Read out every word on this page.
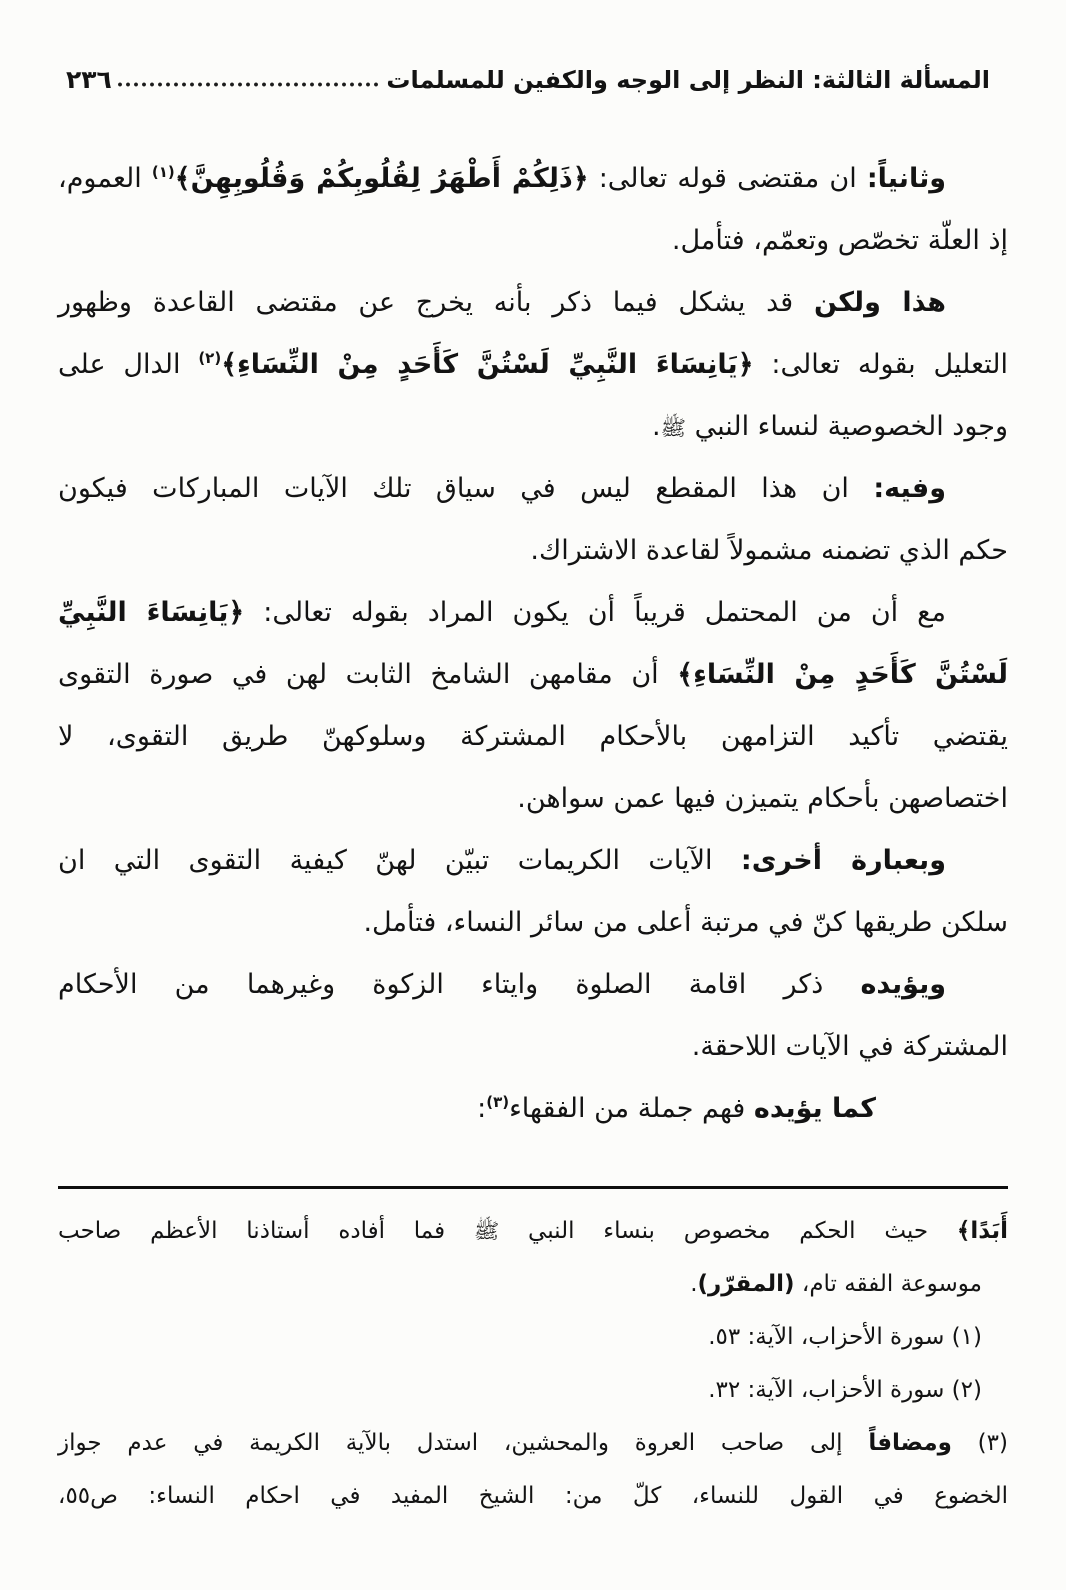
المسألة الثالثة: النظر إلى الوجه والكفين للمسلمات
٢٣٦
وثانياً: ان مقتضى قوله تعالى: ﴿ذَلِكُمْ أَطْهَرُ لِقُلُوبِكُمْ وَقُلُوبِهِنَّ﴾$^{(١)}$ العموم،
إذ العلّة تخصّص وتعمّم، فتأمل.
هذا ولكن قد يشكل فيما ذكر بأنه يخرج عن مقتضى القاعدة وظهور
التعليل بقوله تعالى: ﴿يَانِسَاءَ النَّبِيِّ لَسْتُنَّ كَأَحَدٍ مِنْ النِّسَاءِ﴾$^{(٢)}$ الدال على
وجود الخصوصية لنساء النبي ﷺ.
وفيه: ان هذا المقطع ليس في سياق تلك الآيات المباركات فيكون
حكم الذي تضمنه مشمولاً لقاعدة الاشتراك.
مع أن من المحتمل قريباً أن يكون المراد بقوله تعالى: ﴿يَانِسَاءَ النَّبِيِّ
لَسْتُنَّ كَأَحَدٍ مِنْ النِّسَاءِ﴾ أن مقامهن الشامخ الثابت لهن في صورة التقوى
يقتضي تأكيد التزامهن بالأحكام المشتركة وسلوكهنّ طريق التقوى، لا
اختصاصهن بأحكام يتميزن فيها عمن سواهن.
وبعبارة أخرى: الآيات الكريمات تبيّن لهنّ كيفية التقوى التي ان
سلكن طريقها كنّ في مرتبة أعلى من سائر النساء، فتأمل.
ويؤيده ذكر اقامة الصلوة وايتاء الزكوة وغيرهما من الأحكام
المشتركة في الآيات اللاحقة.
كما يؤيده فهم جملة من الفقهاء$^{(٣)}$:
أَبَدًا﴾ حيث الحكم مخصوص بنساء النبي ﷺ فما أفاده أستاذنا الأعظم صاحب
موسوعة الفقه تام، (المقرّر).
(١) سورة الأحزاب، الآية: ٥٣.
(٢) سورة الأحزاب، الآية: ٣٢.
(٣) ومضافاً إلى صاحب العروة والمحشين، استدل بالآية الكريمة في عدم جواز
الخضوع في القول للنساء، كلّ من: الشيخ المفيد في احكام النساء: ص٥٥،
